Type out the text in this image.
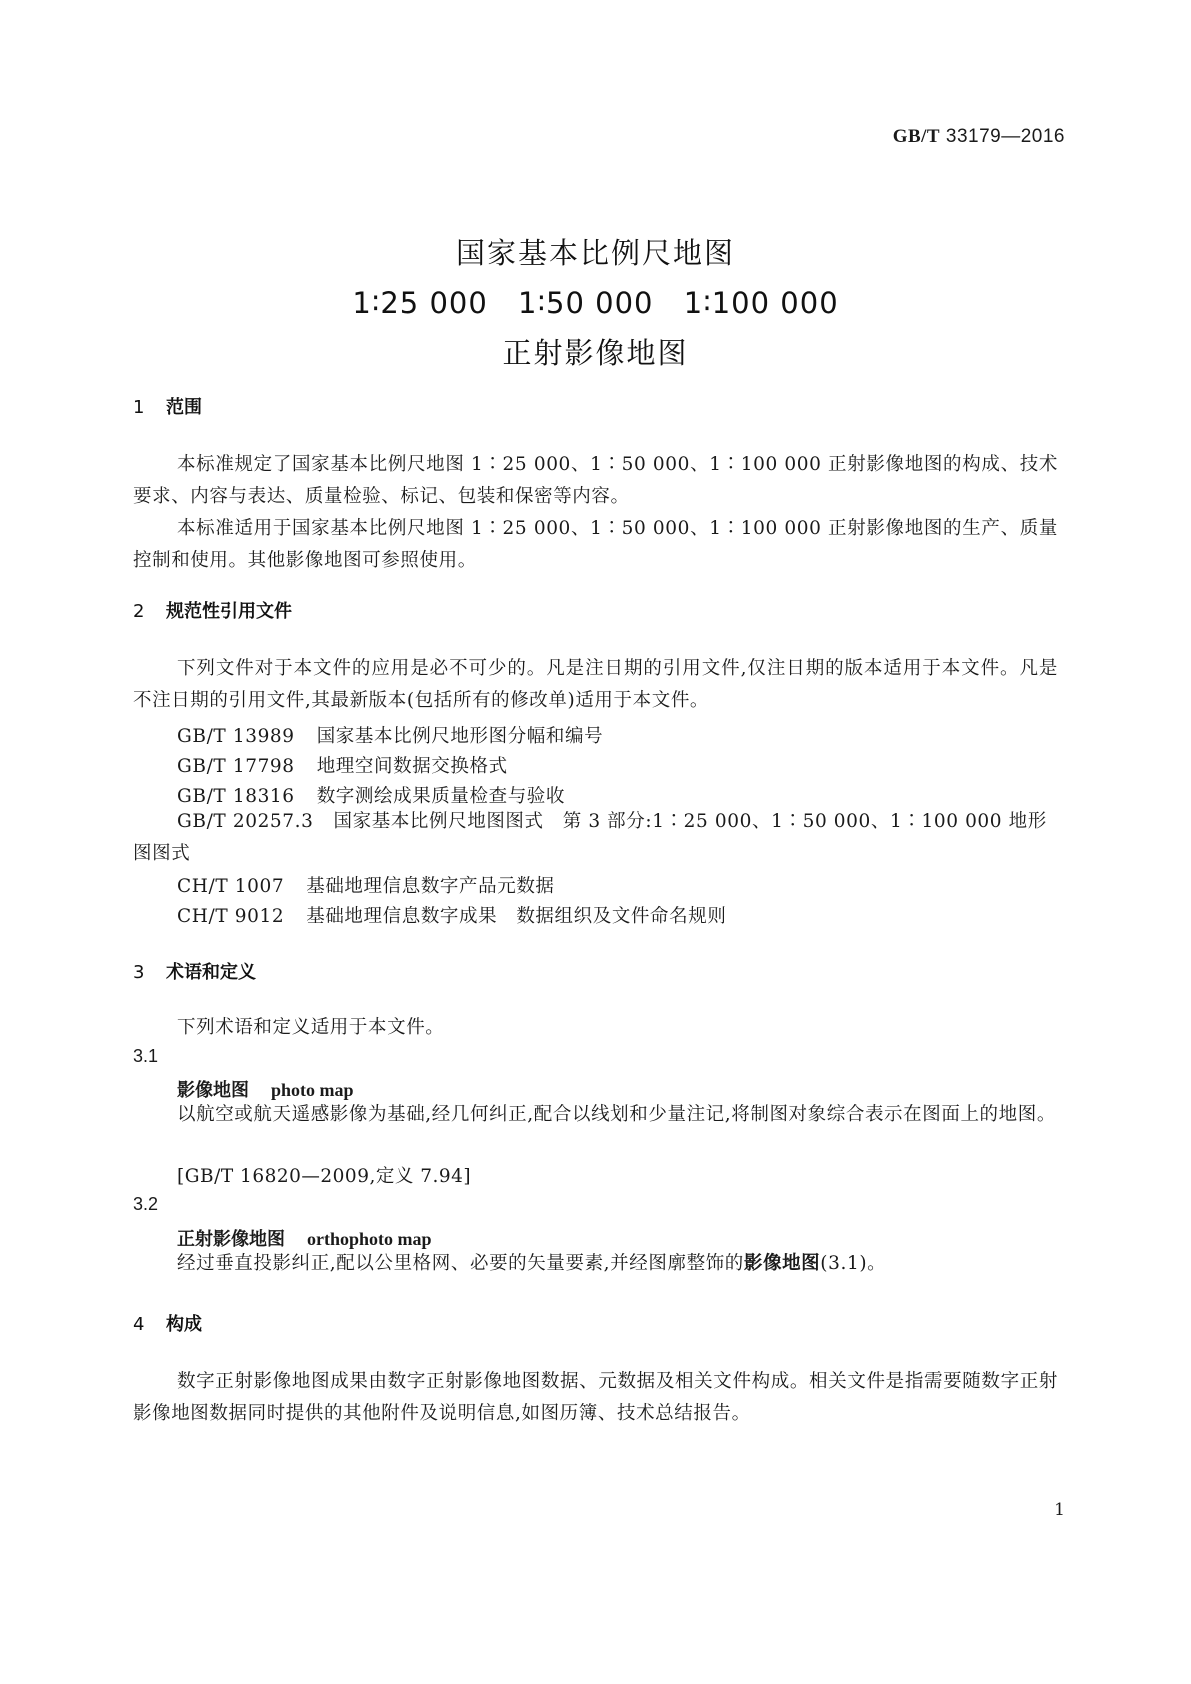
GB/T 33179—2016
国家基本比例尺地图
1∶25 000 1∶50 000 1∶100 000
正射影像地图
1 范围
本标准规定了国家基本比例尺地图 1∶25 000、1∶50 000、1∶100 000 正射影像地图的构成、技术要求、内容与表达、质量检验、标记、包装和保密等内容。
本标准适用于国家基本比例尺地图 1∶25 000、1∶50 000、1∶100 000 正射影像地图的生产、质量控制和使用。其他影像地图可参照使用。
2 规范性引用文件
下列文件对于本文件的应用是必不可少的。凡是注日期的引用文件,仅注日期的版本适用于本文件。凡是不注日期的引用文件,其最新版本(包括所有的修改单)适用于本文件。
GB/T 13989 国家基本比例尺地形图分幅和编号
GB/T 17798 地理空间数据交换格式
GB/T 18316 数字测绘成果质量检查与验收
GB/T 20257.3 国家基本比例尺地图图式　第 3 部分:1∶25 000、1∶50 000、1∶100 000 地形图图式
CH/T 1007 基础地理信息数字产品元数据
CH/T 9012 基础地理信息数字成果　数据组织及文件命名规则
3 术语和定义
下列术语和定义适用于本文件。
3.1
影像地图 photo map
以航空或航天遥感影像为基础,经几何纠正,配合以线划和少量注记,将制图对象综合表示在图面上的地图。
[GB/T 16820—2009,定义 7.94]
3.2
正射影像地图 orthophoto map
经过垂直投影纠正,配以公里格网、必要的矢量要素,并经图廓整饰的影像地图(3.1)。
4 构成
数字正射影像地图成果由数字正射影像地图数据、元数据及相关文件构成。相关文件是指需要随数字正射影像地图数据同时提供的其他附件及说明信息,如图历簿、技术总结报告。
1
